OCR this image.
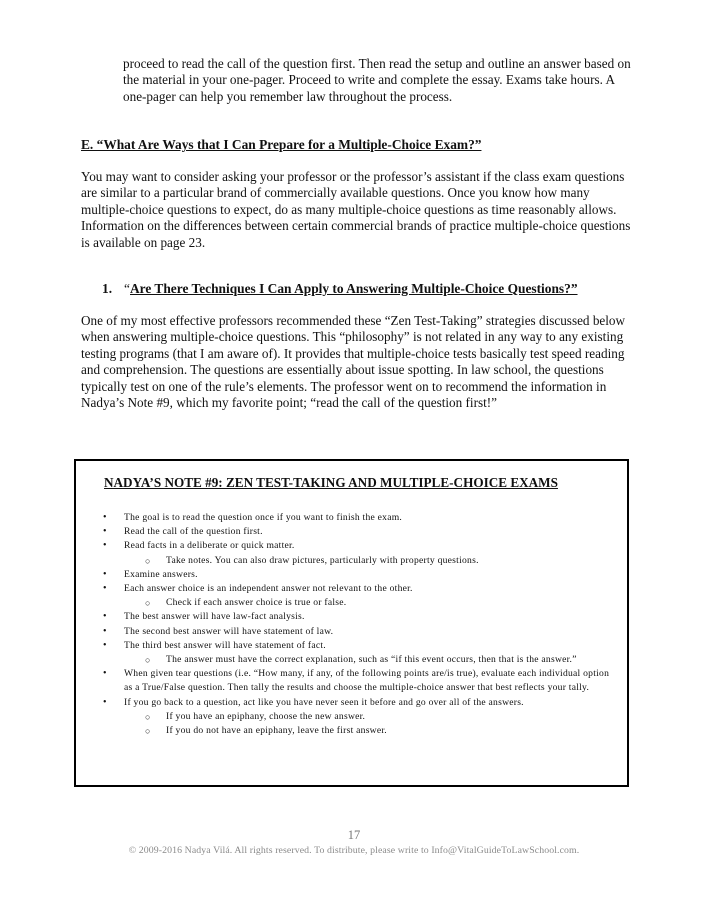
proceed to read the call of the question first. Then read the setup and outline an answer based on the material in your one-pager. Proceed to write and complete the essay. Exams take hours. A one-pager can help you remember law throughout the process.

E. “What Are Ways that I Can Prepare for a Multiple-Choice Exam?”

You may want to consider asking your professor or the professor’s assistant if the class exam questions are similar to a particular brand of commercially available questions. Once you know how many multiple-choice questions to expect, do as many multiple-choice questions as time reasonably allows. Information on the differences between certain commercial brands of practice multiple-choice questions is available on page 23.

1. “Are There Techniques I Can Apply to Answering Multiple-Choice Questions?”

One of my most effective professors recommended these “Zen Test-Taking” strategies discussed below when answering multiple-choice questions. This “philosophy” is not related in any way to any existing testing programs (that I am aware of). It provides that multiple-choice tests basically test speed reading and comprehension. The questions are essentially about issue spotting. In law school, the questions typically test on one of the rule’s elements. The professor went on to recommend the information in Nadya’s Note #9, which my favorite point; “read the call of the question first!”

NADYA’S NOTE #9: ZEN TEST-TAKING AND MULTIPLE-CHOICE EXAMS
• The goal is to read the question once if you want to finish the exam.
• Read the call of the question first.
• Read facts in a deliberate or quick matter.
○ Take notes. You can also draw pictures, particularly with property questions.
• Examine answers.
• Each answer choice is an independent answer not relevant to the other.
○ Check if each answer choice is true or false.
• The best answer will have law-fact analysis.
• The second best answer will have statement of law.
• The third best answer will have statement of fact.
○ The answer must have the correct explanation, such as “if this event occurs, then that is the answer.”
• When given tear questions (i.e. “How many, if any, of the following points are/is true), evaluate each individual option as a True/False question. Then tally the results and choose the multiple-choice answer that best reflects your tally.
• If you go back to a question, act like you have never seen it before and go over all of the answers.
○ If you have an epiphany, choose the new answer.
○ If you do not have an epiphany, leave the first answer.
17
© 2009-2016 Nadya Vilá. All rights reserved. To distribute, please write to Info@VitalGuideToLawSchool.com.
